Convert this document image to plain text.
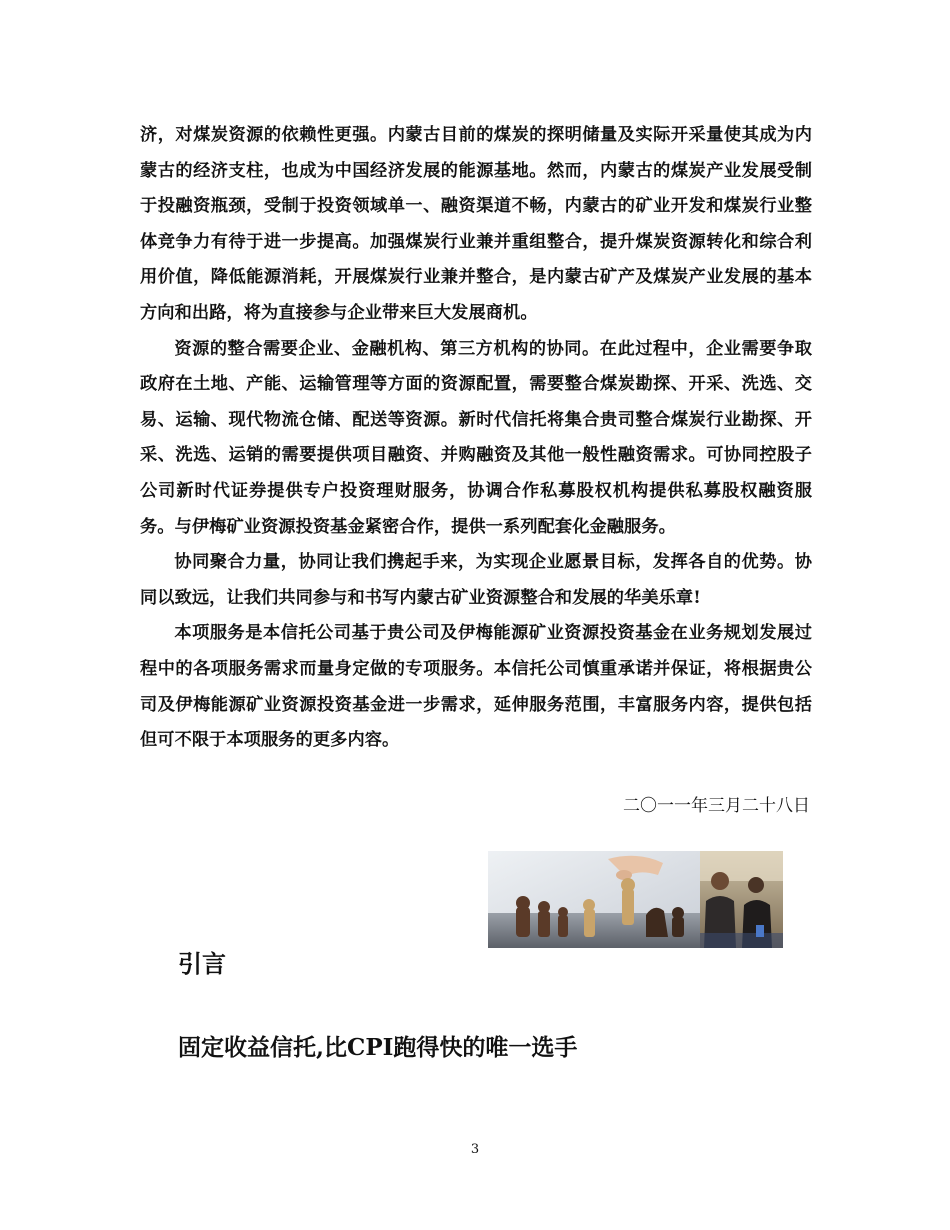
济，对煤炭资源的依赖性更强。内蒙古目前的煤炭的探明储量及实际开采量使其成为内蒙古的经济支柱，也成为中国经济发展的能源基地。然而，内蒙古的煤炭产业发展受制于投融资瓶颈，受制于投资领域单一、融资渠道不畅，内蒙古的矿业开发和煤炭行业整体竞争力有待于进一步提高。加强煤炭行业兼并重组整合，提升煤炭资源转化和综合利用价值，降低能源消耗，开展煤炭行业兼并整合，是内蒙古矿产及煤炭产业发展的基本方向和出路，将为直接参与企业带来巨大发展商机。

资源的整合需要企业、金融机构、第三方机构的协同。在此过程中，企业需要争取政府在土地、产能、运输管理等方面的资源配置，需要整合煤炭勘探、开采、洗选、交易、运输、现代物流仓储、配送等资源。新时代信托将集合贵司整合煤炭行业勘探、开采、洗选、运销的需要提供项目融资、并购融资及其他一般性融资需求。可协同控股子公司新时代证券提供专户投资理财服务，协调合作私募股权机构提供私募股权融资服务。与伊梅矿业资源投资基金紧密合作，提供一系列配套化金融服务。

协同聚合力量，协同让我们携起手来，为实现企业愿景目标，发挥各自的优势。协同以致远，让我们共同参与和书写内蒙古矿业资源整合和发展的华美乐章!

本项服务是本信托公司基于贵公司及伊梅能源矿业资源投资基金在业务规划发展过程中的各项服务需求而量身定做的专项服务。本信托公司慎重承诺并保证，将根据贵公司及伊梅能源矿业资源投资基金进一步需求，延伸服务范围，丰富服务内容，提供包括但可不限于本项服务的更多内容。

二〇一一年三月二十八日
引言
固定收益信托,比CPI跑得快的唯一选手
3
